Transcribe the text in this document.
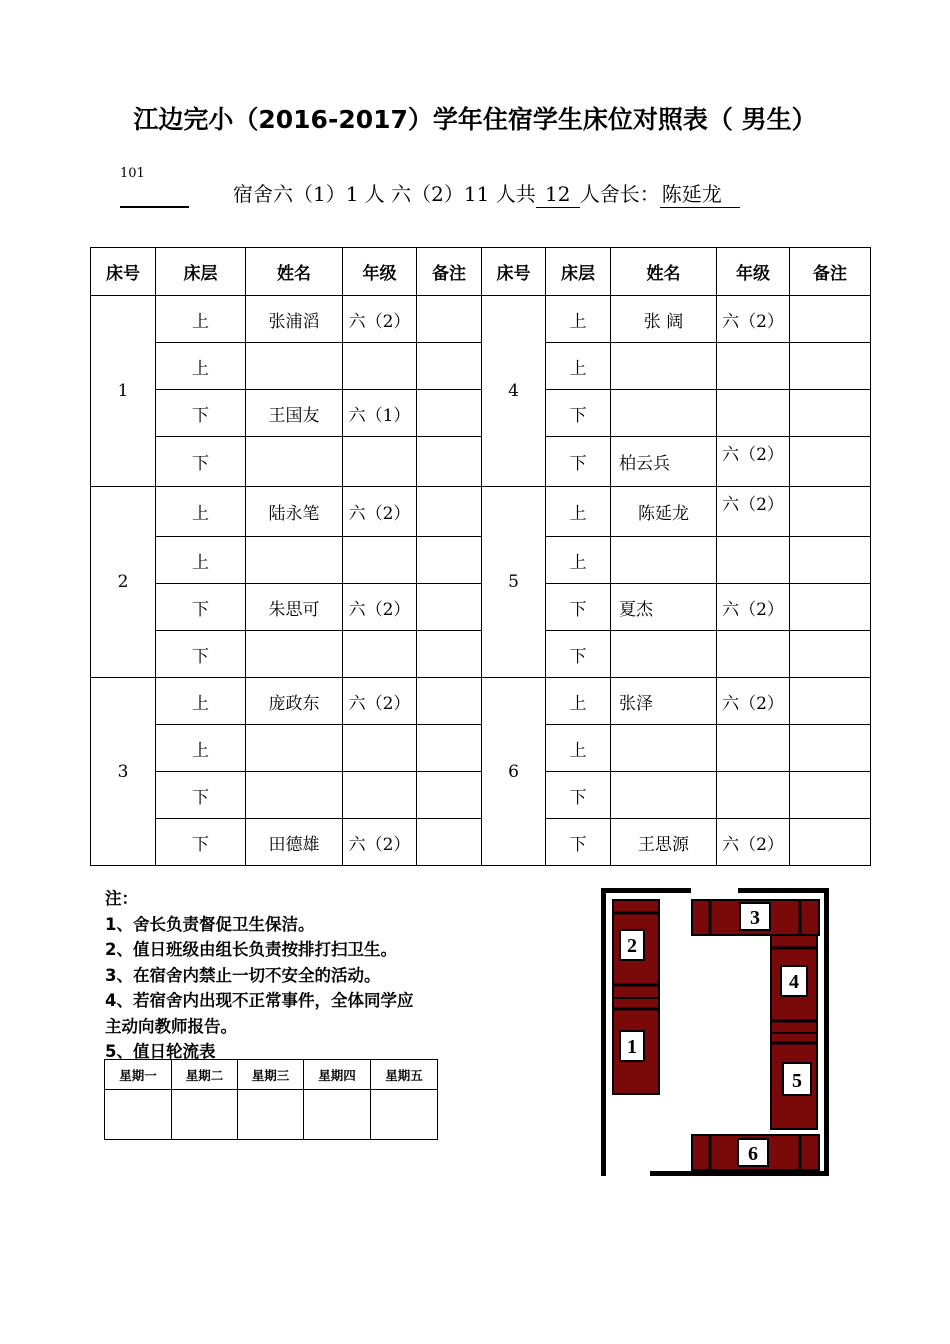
江边完小（2016-2017）学年住宿学生床位对照表（ 男生）
101
宿舍六（1）1 人 六（2）11 人共 12 人舍长： 陈延龙
床号	床层	姓名	年级	备注	床号	床层	姓名	年级	备注
1	上	张浦滔	六（2）		4	上	张 阔	六（2）	
	上					上			
	下	王国友	六（1）			下			
	下					下	柏云兵	六（2）	
2	上	陆永笔	六（2）		5	上	陈延龙	六（2）	
	上					上			
	下	朱思可	六（2）			下	夏杰	六（2）	
	下					下			
3	上	庞政东	六（2）		6	上	张泽	六（2）	
	上					上			
	下					下			
	下	田德雄	六（2）			下	王思源	六（2）	
注：
1、舍长负责督促卫生保洁。
2、值日班级由组长负责按排打扫卫生。
3、在宿舍内禁止一切不安全的活动。
4、若宿舍内出现不正常事件，全体同学应
主动向教师报告。
5、值日轮流表
星期一	星期二	星期三	星期四	星期五

2
1
3
4
5
6
